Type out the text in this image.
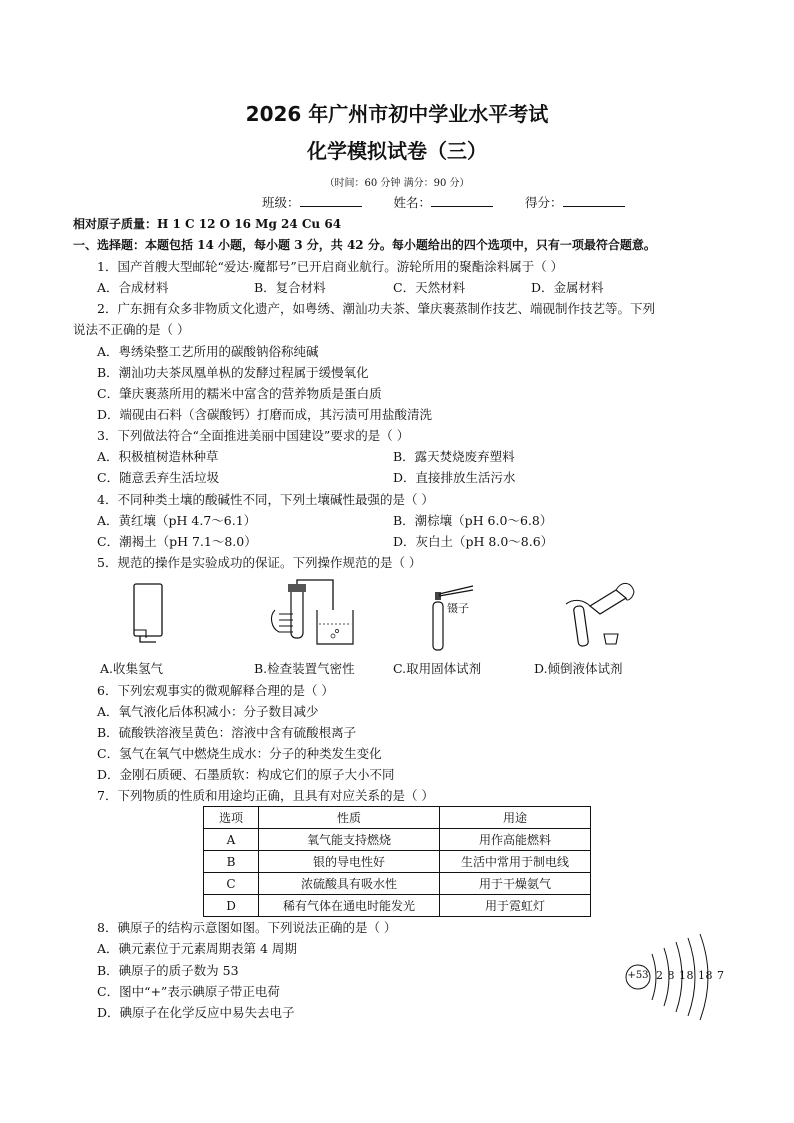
2026 年广州市初中学业水平考试
化学模拟试卷（三）
（时间：60 分钟 满分：90 分）
班级：	姓名：	得分：
相对原子质量：H 1 C 12 O 16 Mg 24 Cu 64
一、选择题：本题包括 14 小题，每小题 3 分，共 42 分。每小题给出的四个选项中，只有一项最符合题意。
1．国产首艘大型邮轮“爱达·魔都号”已开启商业航行。游轮所用的聚酯涂料属于（ ）
A．合成材料	B．复合材料	C．天然材料	D．金属材料
2．广东拥有众多非物质文化遗产，如粤绣、潮汕功夫茶、肇庆裹蒸制作技艺、端砚制作技艺等。下列
说法不正确的是（ ）
A．粤绣染整工艺所用的碳酸钠俗称纯碱
B．潮汕功夫茶凤凰单枞的发酵过程属于缓慢氧化
C．肇庆裹蒸所用的糯米中富含的营养物质是蛋白质
D．端砚由石料（含碳酸钙）打磨而成，其污渍可用盐酸清洗
3．下列做法符合“全面推进美丽中国建设”要求的是（ ）
A．积极植树造林种草	B．露天焚烧废弃塑料
C．随意丢弃生活垃圾	D．直接排放生活污水
4．不同种类土壤的酸碱性不同，下列土壤碱性最强的是（ ）
A．黄红壤（pH 4.7～6.1）	B．潮棕壤（pH 6.0～6.8）
C．潮褐土（pH 7.1～8.0）	D．灰白土（pH 8.0～8.6）
5．规范的操作是实验成功的保证。下列操作规范的是（ ）
镊子
A.收集氢气	B.检查装置气密性	C.取用固体试剂	D.倾倒液体试剂
6．下列宏观事实的微观解释合理的是（ ）
A．氧气液化后体积减小：分子数目减少
B．硫酸铁溶液呈黄色：溶液中含有硫酸根离子
C．氢气在氧气中燃烧生成水：分子的种类发生变化
D．金刚石质硬、石墨质软：构成它们的原子大小不同
7．下列物质的性质和用途均正确，且具有对应关系的是（ ）
选项	性质	用途
A	氧气能支持燃烧	用作高能燃料
B	银的导电性好	生活中常用于制电线
C	浓硫酸具有吸水性	用于干燥氨气
D	稀有气体在通电时能发光	用于霓虹灯
8．碘原子的结构示意图如图。下列说法正确的是（ ）
A．碘元素位于元素周期表第 4 周期
B．碘原子的质子数为 53
C．图中“+”表示碘原子带正电荷
D．碘原子在化学反应中易失去电子
+53 2 8 18 18 7
